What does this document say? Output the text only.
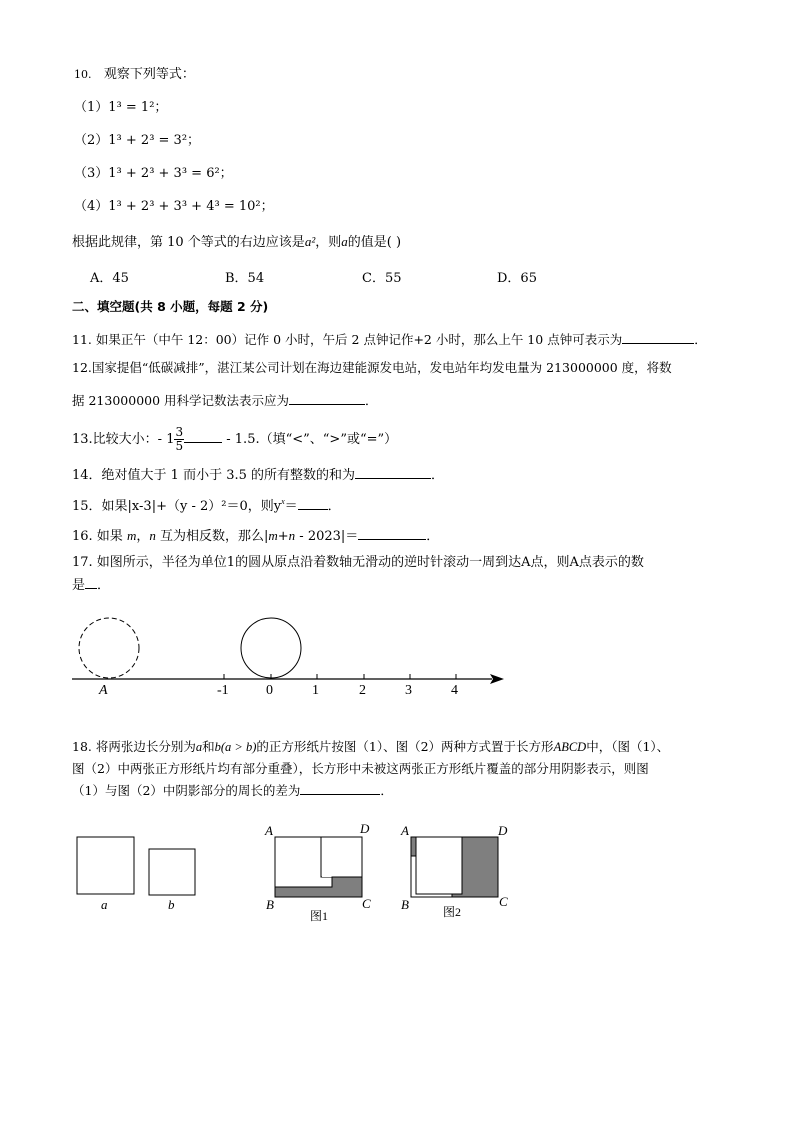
10. 观察下列等式：
（1）1³ = 1²；
（2）1³ + 2³ = 3²；
（3）1³ + 2³ + 3³ = 6²；
（4）1³ + 2³ + 3³ + 4³ = 10²；
根据此规律，第 10 个等式的右边应该是a²，则a的值是( )
A．45	B．54	C．55	D．65
二、填空题(共 8 小题，每题 2 分)
11. 如果正午（中午 12：00）记作 0 小时，午后 2 点钟记作+2 小时，那么上午 10 点钟可表示为	．
12.国家提倡“低碳减排”，湛江某公司计划在海边建能源发电站，发电站年均发电量为 213000000 度，将数
据 213000000 用科学记数法表示应为	．
13.比较大小：- $1 \frac{3}{5}$	- 1.5.（填“<”、“>”或“=”）
14．绝对值大于 1 而小于 3.5 的所有整数的和为	．
15．如果|x-3|+（y - 2）²＝0，则$y^x=$ ．
16. 如果 m，n 互为相反数，那么|m+n - 2023|＝	．
17. 如图所示，半径为单位1的圆从原点沿着数轴无滑动的逆时针滚动一周到达A点，则A点表示的数
是 ．
A	-1	0	1	2	3	4
18. 将两张边长分别为a和b(a > b)的正方形纸片按图（1）、图（2）两种方式置于长方形ABCD中，（图（1）、
图（2）中两张正方形纸片均有部分重叠），长方形中未被这两张正方形纸片覆盖的部分用阴影表示，则图
（1）与图（2）中阴影部分的周长的差为	．
a	b
A	D
B	C
图1
A	D
B	C
图2
